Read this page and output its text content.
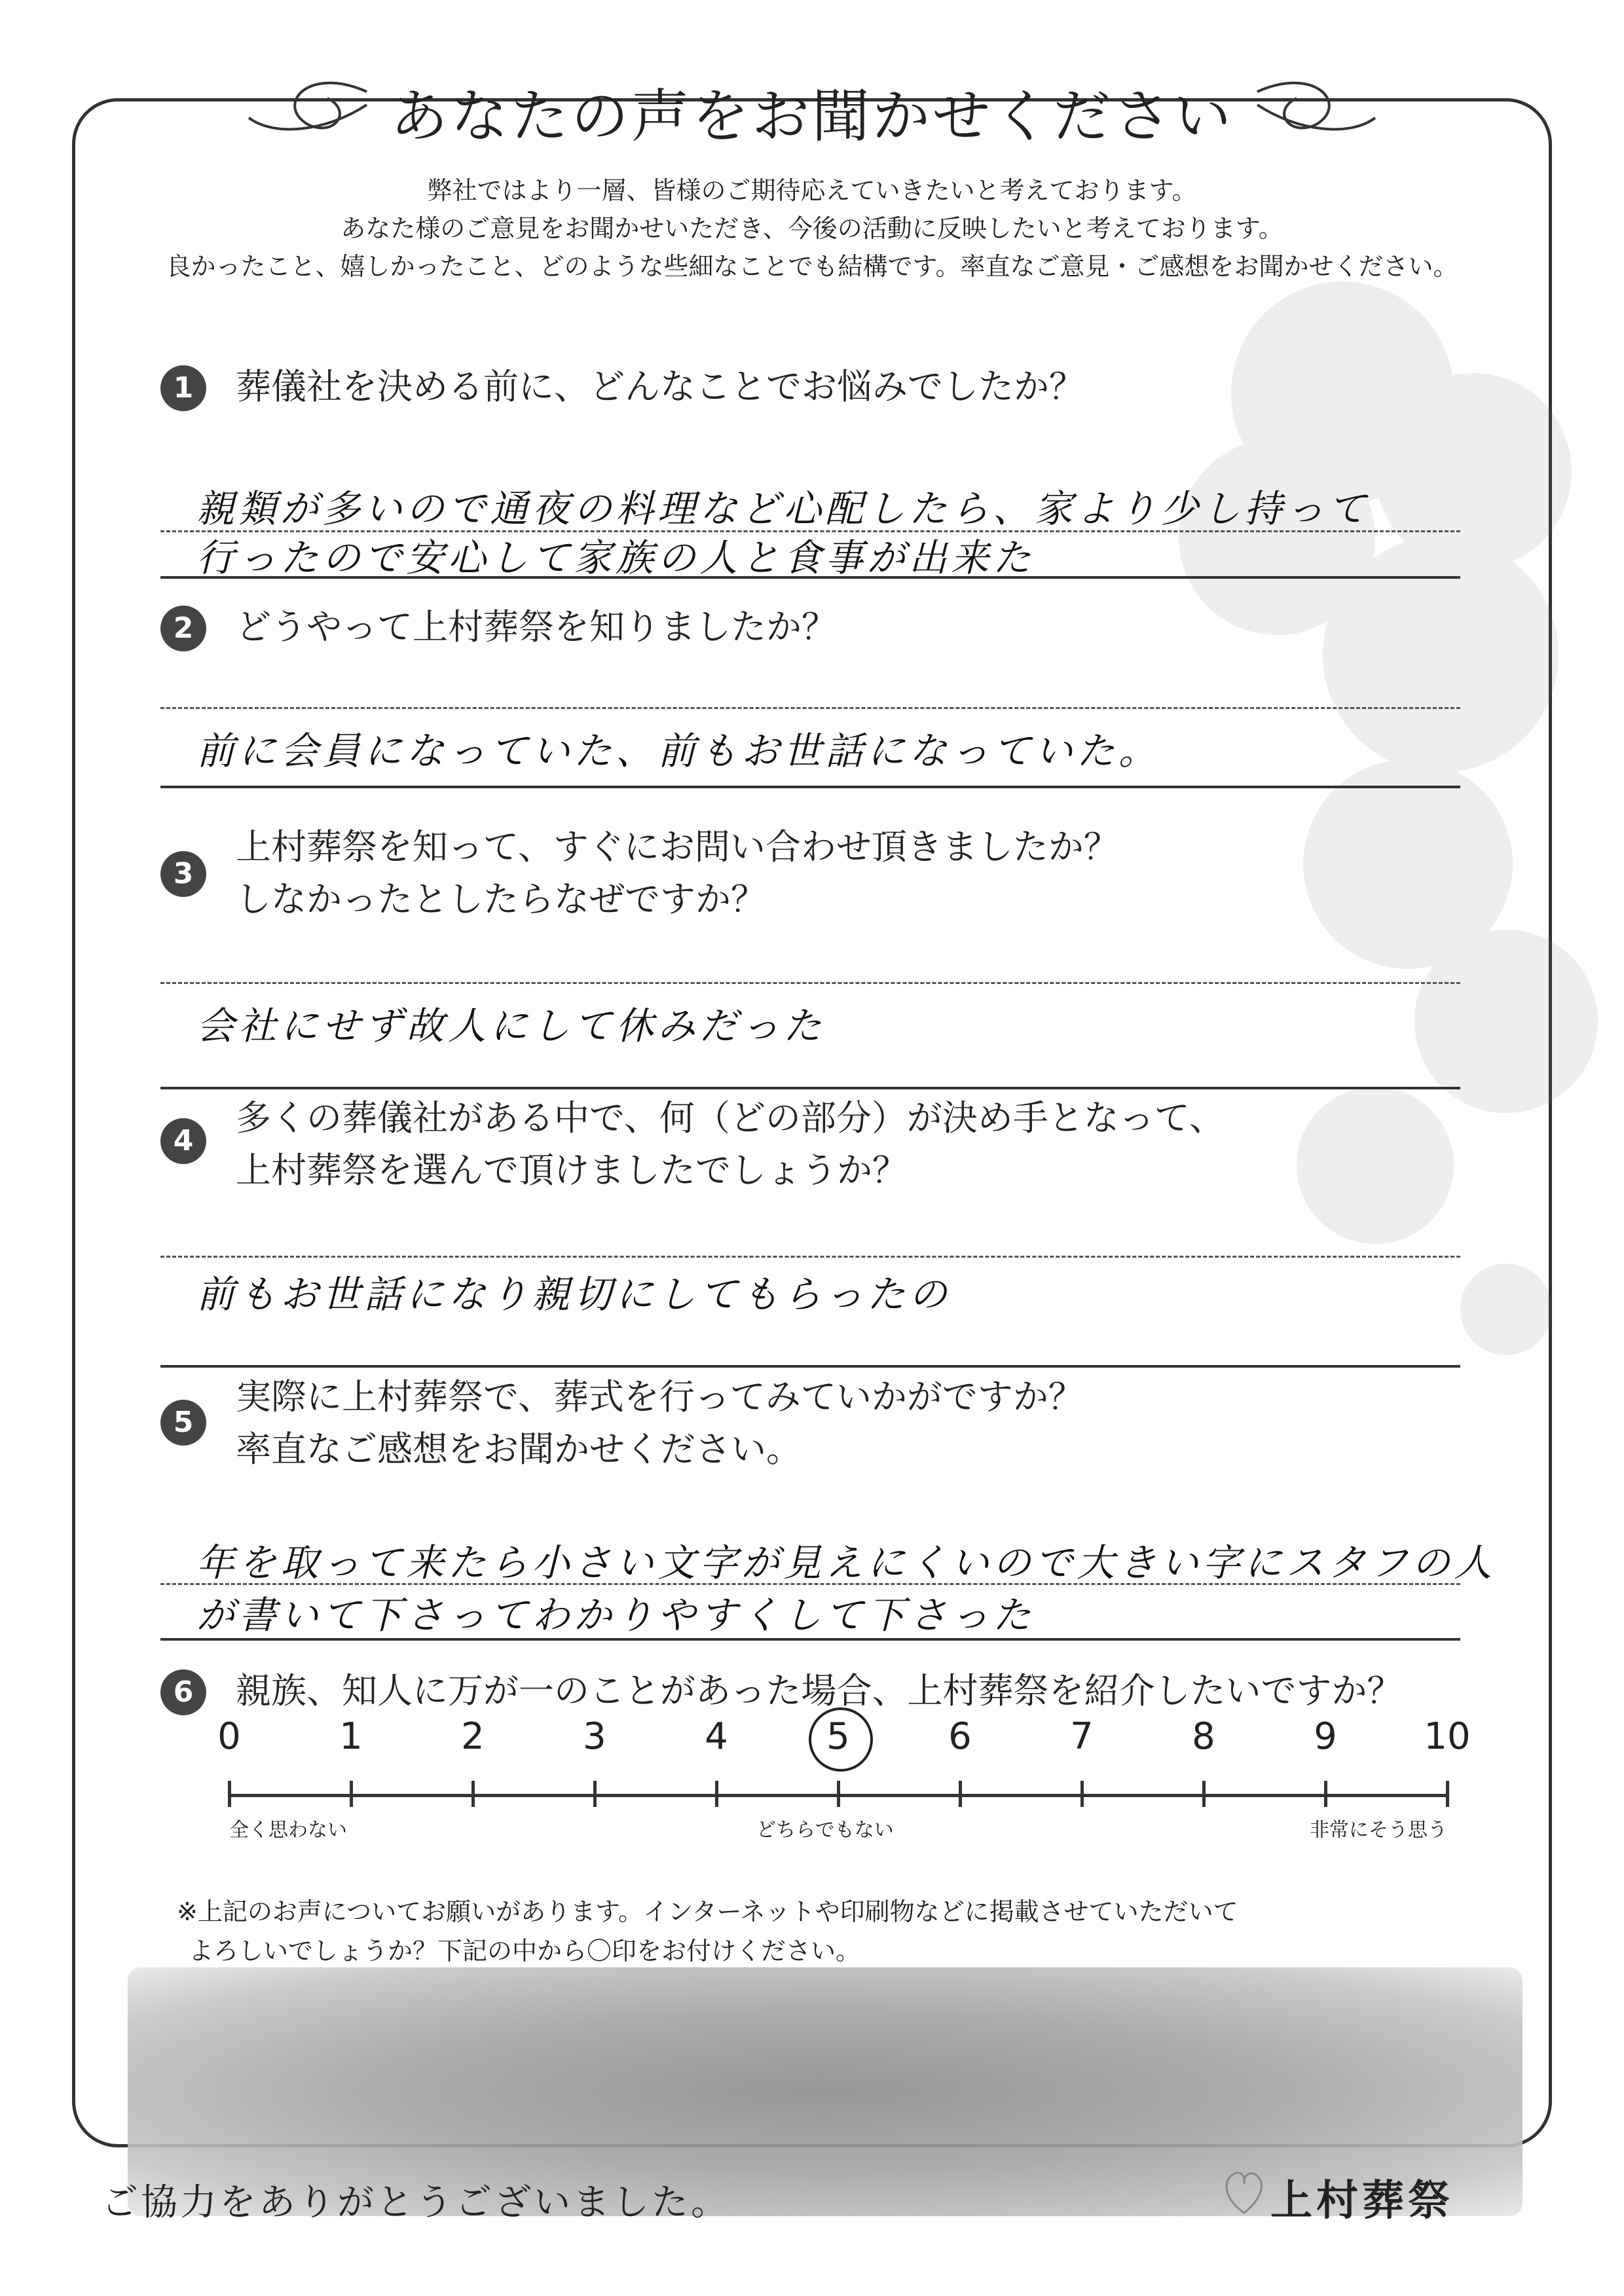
あなたの声をお聞かせください
弊社ではより一層、皆様のご期待応えていきたいと考えております。
あなた様のご意見をお聞かせいただき、今後の活動に反映したいと考えております。
良かったこと、嬉しかったこと、どのような些細なことでも結構です。率直なご意見・ご感想をお聞かせください。
1	葬儀社を決める前に、どんなことでお悩みでしたか？
親類が多いので通夜の料理など心配したら、家より少し持って
行ったので安心して家族の人と食事が出来た
2	どうやって上村葬祭を知りましたか？
前に会員になっていた、前もお世話になっていた。
3
上村葬祭を知って、すぐにお問い合わせ頂きましたか？
しなかったとしたらなぜですか？
会社にせず故人にして休みだった
4
多くの葬儀社がある中で、何（どの部分）が決め手となって、
上村葬祭を選んで頂けましたでしょうか？
前もお世話になり親切にしてもらったの
5
実際に上村葬祭で、葬式を行ってみていかがですか？
率直なご感想をお聞かせください。
年を取って来たら小さい文字が見えにくいので大きい字にスタフの人
が書いて下さってわかりやすくして下さった
6	親族、知人に万が一のことがあった場合、上村葬祭を紹介したいですか？
全く思わない	どちらでもない	非常にそう思う
0	1	2	3	4	5	6	7	8	9	10
※上記のお声についてお願いがあります。インターネットや印刷物などに掲載させていただいて
よろしいでしょうか？下記の中から〇印をお付けください。
ご協力をありがとうございました。	上村葬祭
